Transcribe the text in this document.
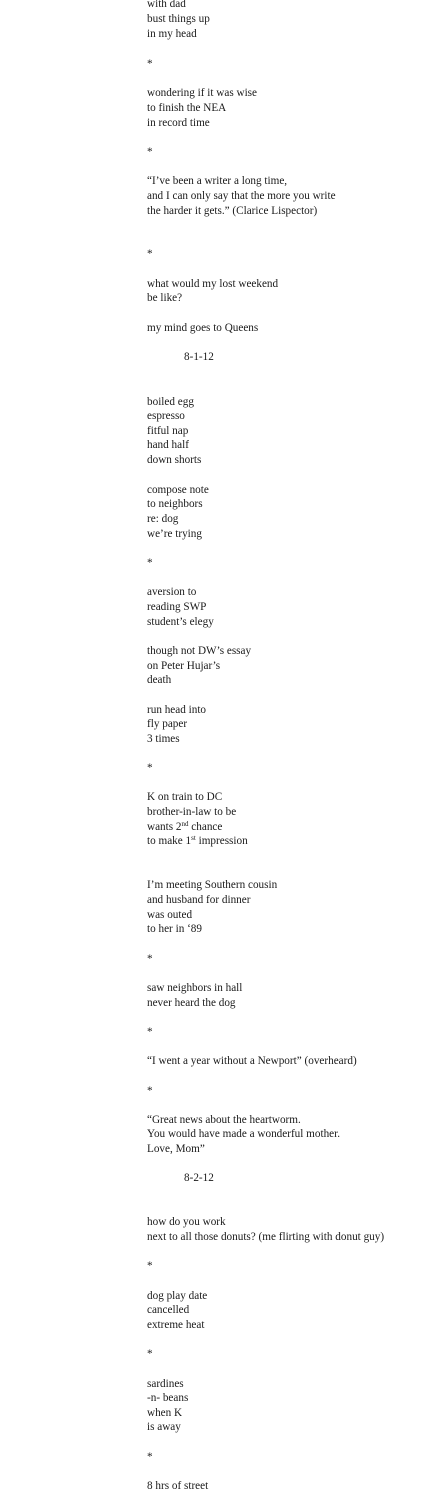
with dad
bust things up
in my head
*
wondering if it was wise
to finish the NEA
in record time
*
“I’ve been a writer a long time,
and I can only say that the more you write
the harder it gets.” (Clarice Lispector)
*
what would my lost weekend
be like?
my mind goes to Queens
8-1-12
boiled egg
espresso
fitful nap
hand half
down shorts
compose note
to neighbors
re: dog
we’re trying
*
aversion to
reading SWP
student’s elegy
though not DW’s essay
on Peter Hujar’s
death
run head into
fly paper
3 times
*
K on train to DC
brother-in-law to be
wants 2nd chance
to make 1st impression
I’m meeting Southern cousin
and husband for dinner
was outed
to her in ‘89
*
saw neighbors in hall
never heard the dog
*
“I went a year without a Newport” (overheard)
*
“Great news about the heartworm.
You would have made a wonderful mother.
Love, Mom”
8-2-12
how do you work
next to all those donuts? (me flirting with donut guy)
*
dog play date
cancelled
extreme heat
*
sardines
-n- beans
when K
is away
*
8 hrs of street
